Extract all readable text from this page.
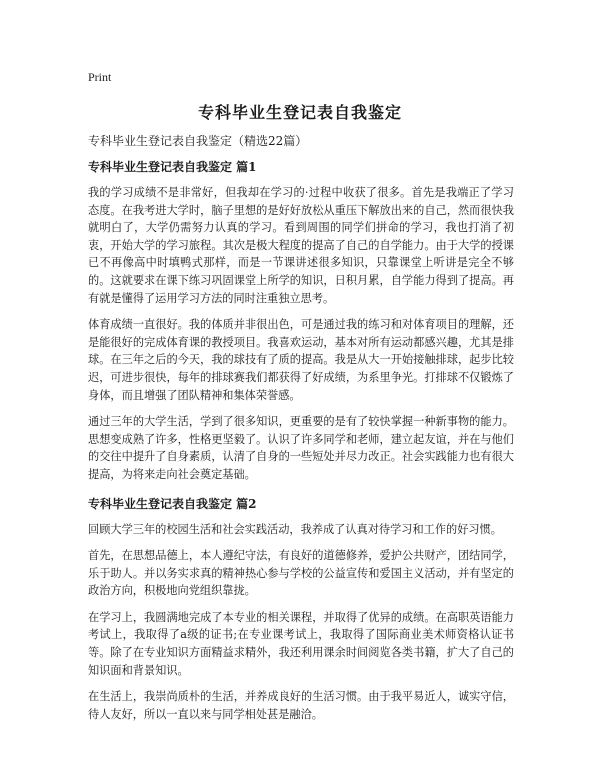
Print
专科毕业生登记表自我鉴定

专科毕业生登记表自我鉴定（精选22篇）

专科毕业生登记表自我鉴定 篇1

我的学习成绩不是非常好，但我却在学习的·过程中收获了很多。首先是我端正了学习态度。在我考进大学时，脑子里想的是好好放松从重压下解放出来的自己，然而很快我就明白了，大学仍需努力认真的学习。看到周围的同学们拼命的学习，我也打消了初衷，开始大学的学习旅程。其次是极大程度的提高了自己的自学能力。由于大学的授课已不再像高中时填鸭式那样，而是一节课讲述很多知识，只靠课堂上听讲是完全不够的。这就要求在课下练习巩固课堂上所学的知识，日积月累，自学能力得到了提高。再有就是懂得了运用学习方法的同时注重独立思考。

体育成绩一直很好。我的体质并非很出色，可是通过我的练习和对体育项目的理解，还是能很好的完成体育课的教授项目。我喜欢运动，基本对所有运动都感兴趣，尤其是排球。在三年之后的今天，我的球技有了质的提高。我是从大一开始接触排球，起步比较迟，可进步很快，每年的排球赛我们都获得了好成绩，为系里争光。打排球不仅锻炼了身体，而且增强了团队精神和集体荣誉感。

通过三年的大学生活，学到了很多知识，更重要的是有了较快掌握一种新事物的能力。思想变成熟了许多，性格更坚毅了。认识了许多同学和老师，建立起友谊，并在与他们的交往中提升了自身素质，认清了自身的一些短处并尽力改正。社会实践能力也有很大提高，为将来走向社会奠定基础。

专科毕业生登记表自我鉴定 篇2

回顾大学三年的校园生活和社会实践活动，我养成了认真对待学习和工作的好习惯。

首先，在思想品德上，本人遵纪守法，有良好的道德修养，爱护公共财产，团结同学，乐于助人。并以务实求真的精神热心参与学校的公益宣传和爱国主义活动，并有坚定的政治方向，积极地向党组织靠拢。

在学习上，我圆满地完成了本专业的相关课程，并取得了优异的成绩。在高职英语能力考试上，我取得了a级的证书;在专业课考试上，我取得了国际商业美术师资格认证书等。除了在专业知识方面精益求精外，我还利用课余时间阅览各类书籍，扩大了自己的知识面和背景知识。

在生活上，我崇尚质朴的生活，并养成良好的生活习惯。由于我平易近人，诚实守信，待人友好，所以一直以来与同学相处甚是融洽。
